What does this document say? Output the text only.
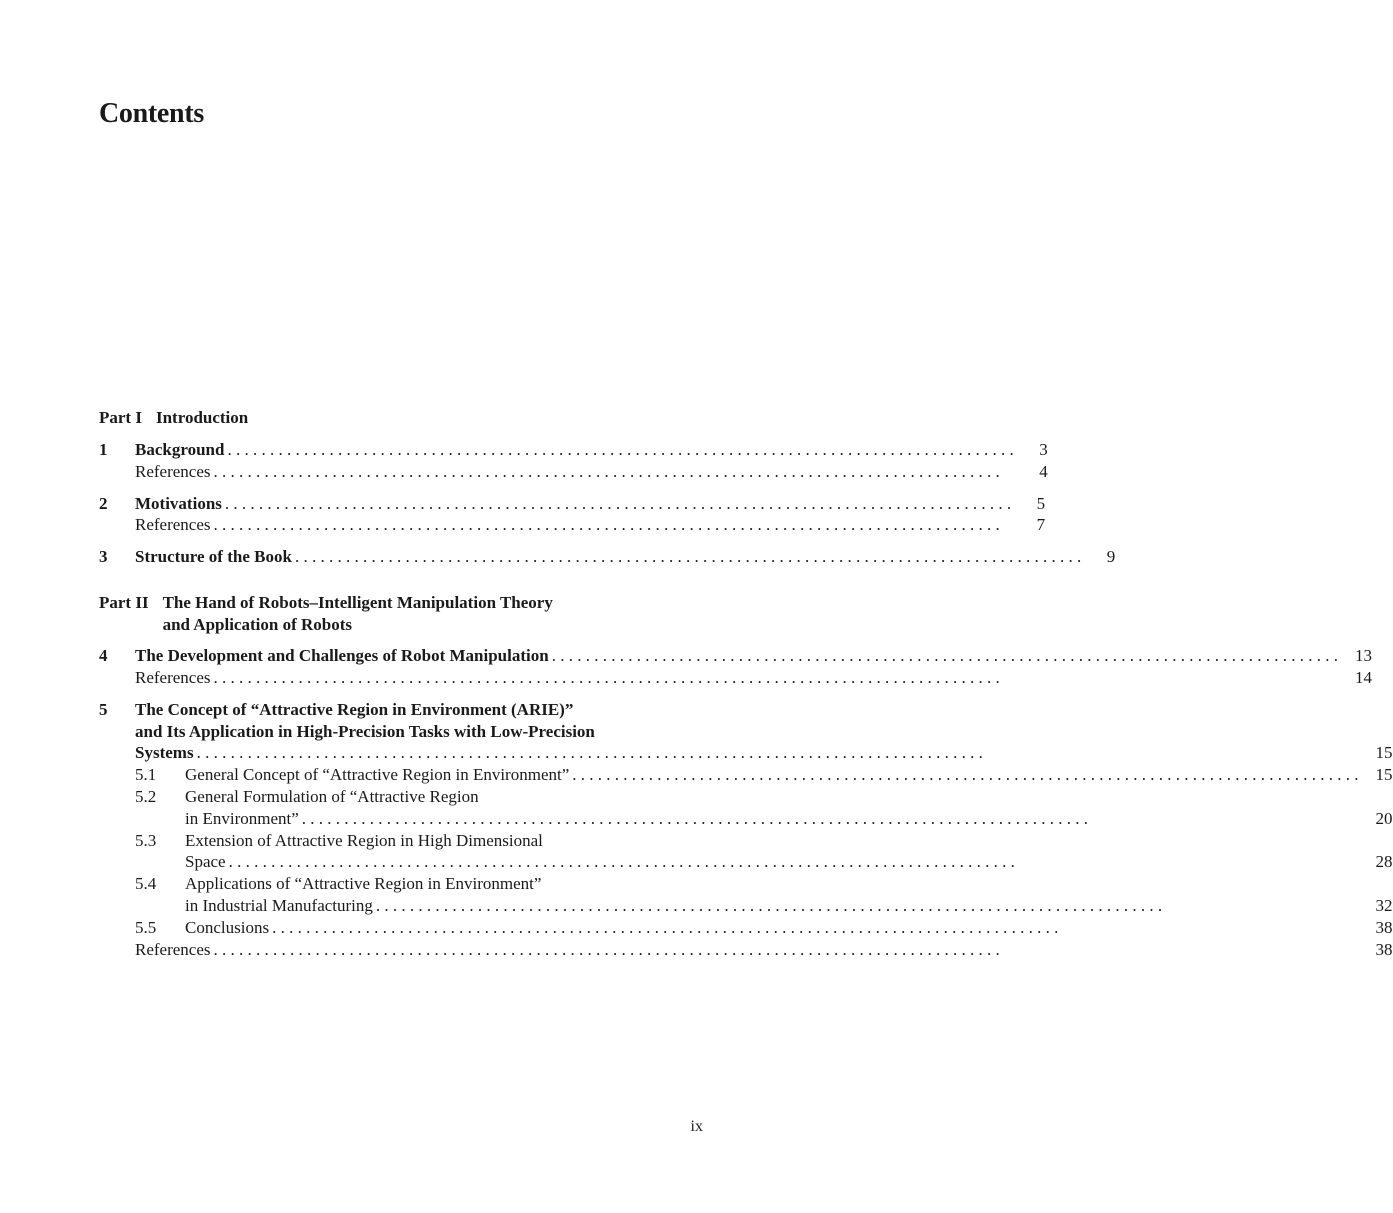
Contents
Part I Introduction
1	Background . . .	3
References . . .	4
2	Motivations . . .	5
References . . .	7
3	Structure of the Book . . .	9
Part II The Hand of Robots–Intelligent Manipulation Theory
and Application of Robots
4	The Development and Challenges of Robot Manipulation . . .	13
References . . .	14
5	The Concept of “Attractive Region in Environment (ARIE)”
and Its Application in High-Precision Tasks with Low-Precision
Systems . . .	15
5.1	General Concept of “Attractive Region in Environment” . . .	15
5.2	General Formulation of “Attractive Region
in Environment” . . .	20
5.3	Extension of Attractive Region in High Dimensional
Space . . .	28
5.4	Applications of “Attractive Region in Environment”
in Industrial Manufacturing . . .	32
5.5	Conclusions . . .	38
References . . .	38
ix
